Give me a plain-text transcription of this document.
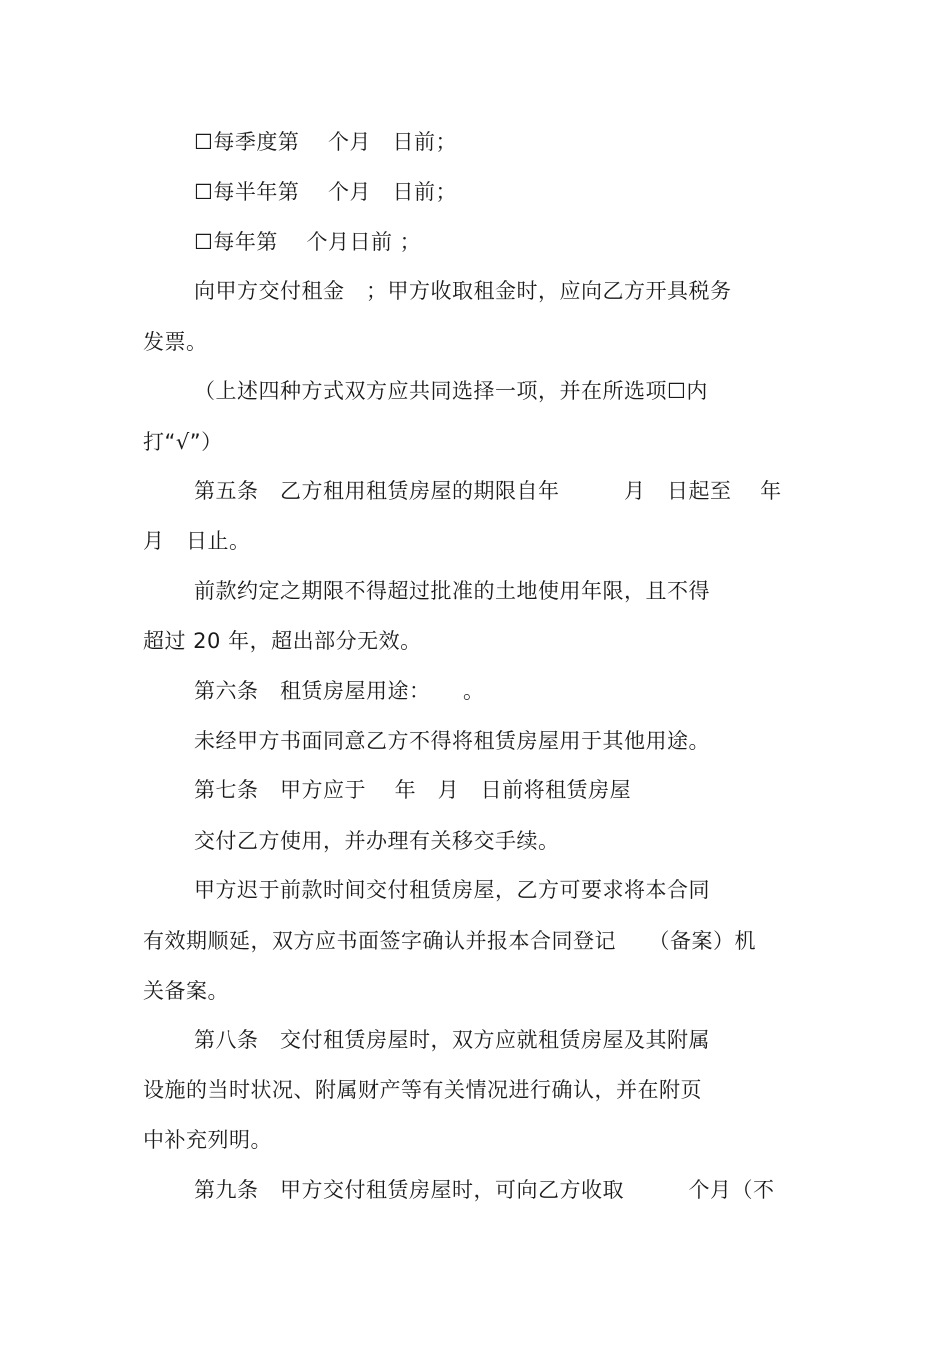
☐每季度第　 个月　日前；
☐每半年第　 个月　日前；
☐每年第　 个月日前 ；
向甲方交付租金　；甲方收取租金时，应向乙方开具税务
发票。
（上述四种方式双方应共同选择一项，并在所选项☐内
打“√”）
第五条　乙方租用租赁房屋的期限自年　　　月　日起至　 年
月　日止。
前款约定之期限不得超过批准的土地使用年限，且不得
超过 20 年，超出部分无效。
第六条　租赁房屋用途：　　。
未经甲方书面同意乙方不得将租赁房屋用于其他用途。
第七条　甲方应于　 年　月　日前将租赁房屋
交付乙方使用，并办理有关移交手续。
甲方迟于前款时间交付租赁房屋，乙方可要求将本合同
有效期顺延，双方应书面签字确认并报本合同登记　　（备案）机
关备案。
第八条　交付租赁房屋时，双方应就租赁房屋及其附属
设施的当时状况、附属财产等有关情况进行确认，并在附页
中补充列明。
第九条　甲方交付租赁房屋时，可向乙方收取　　　个月（不
